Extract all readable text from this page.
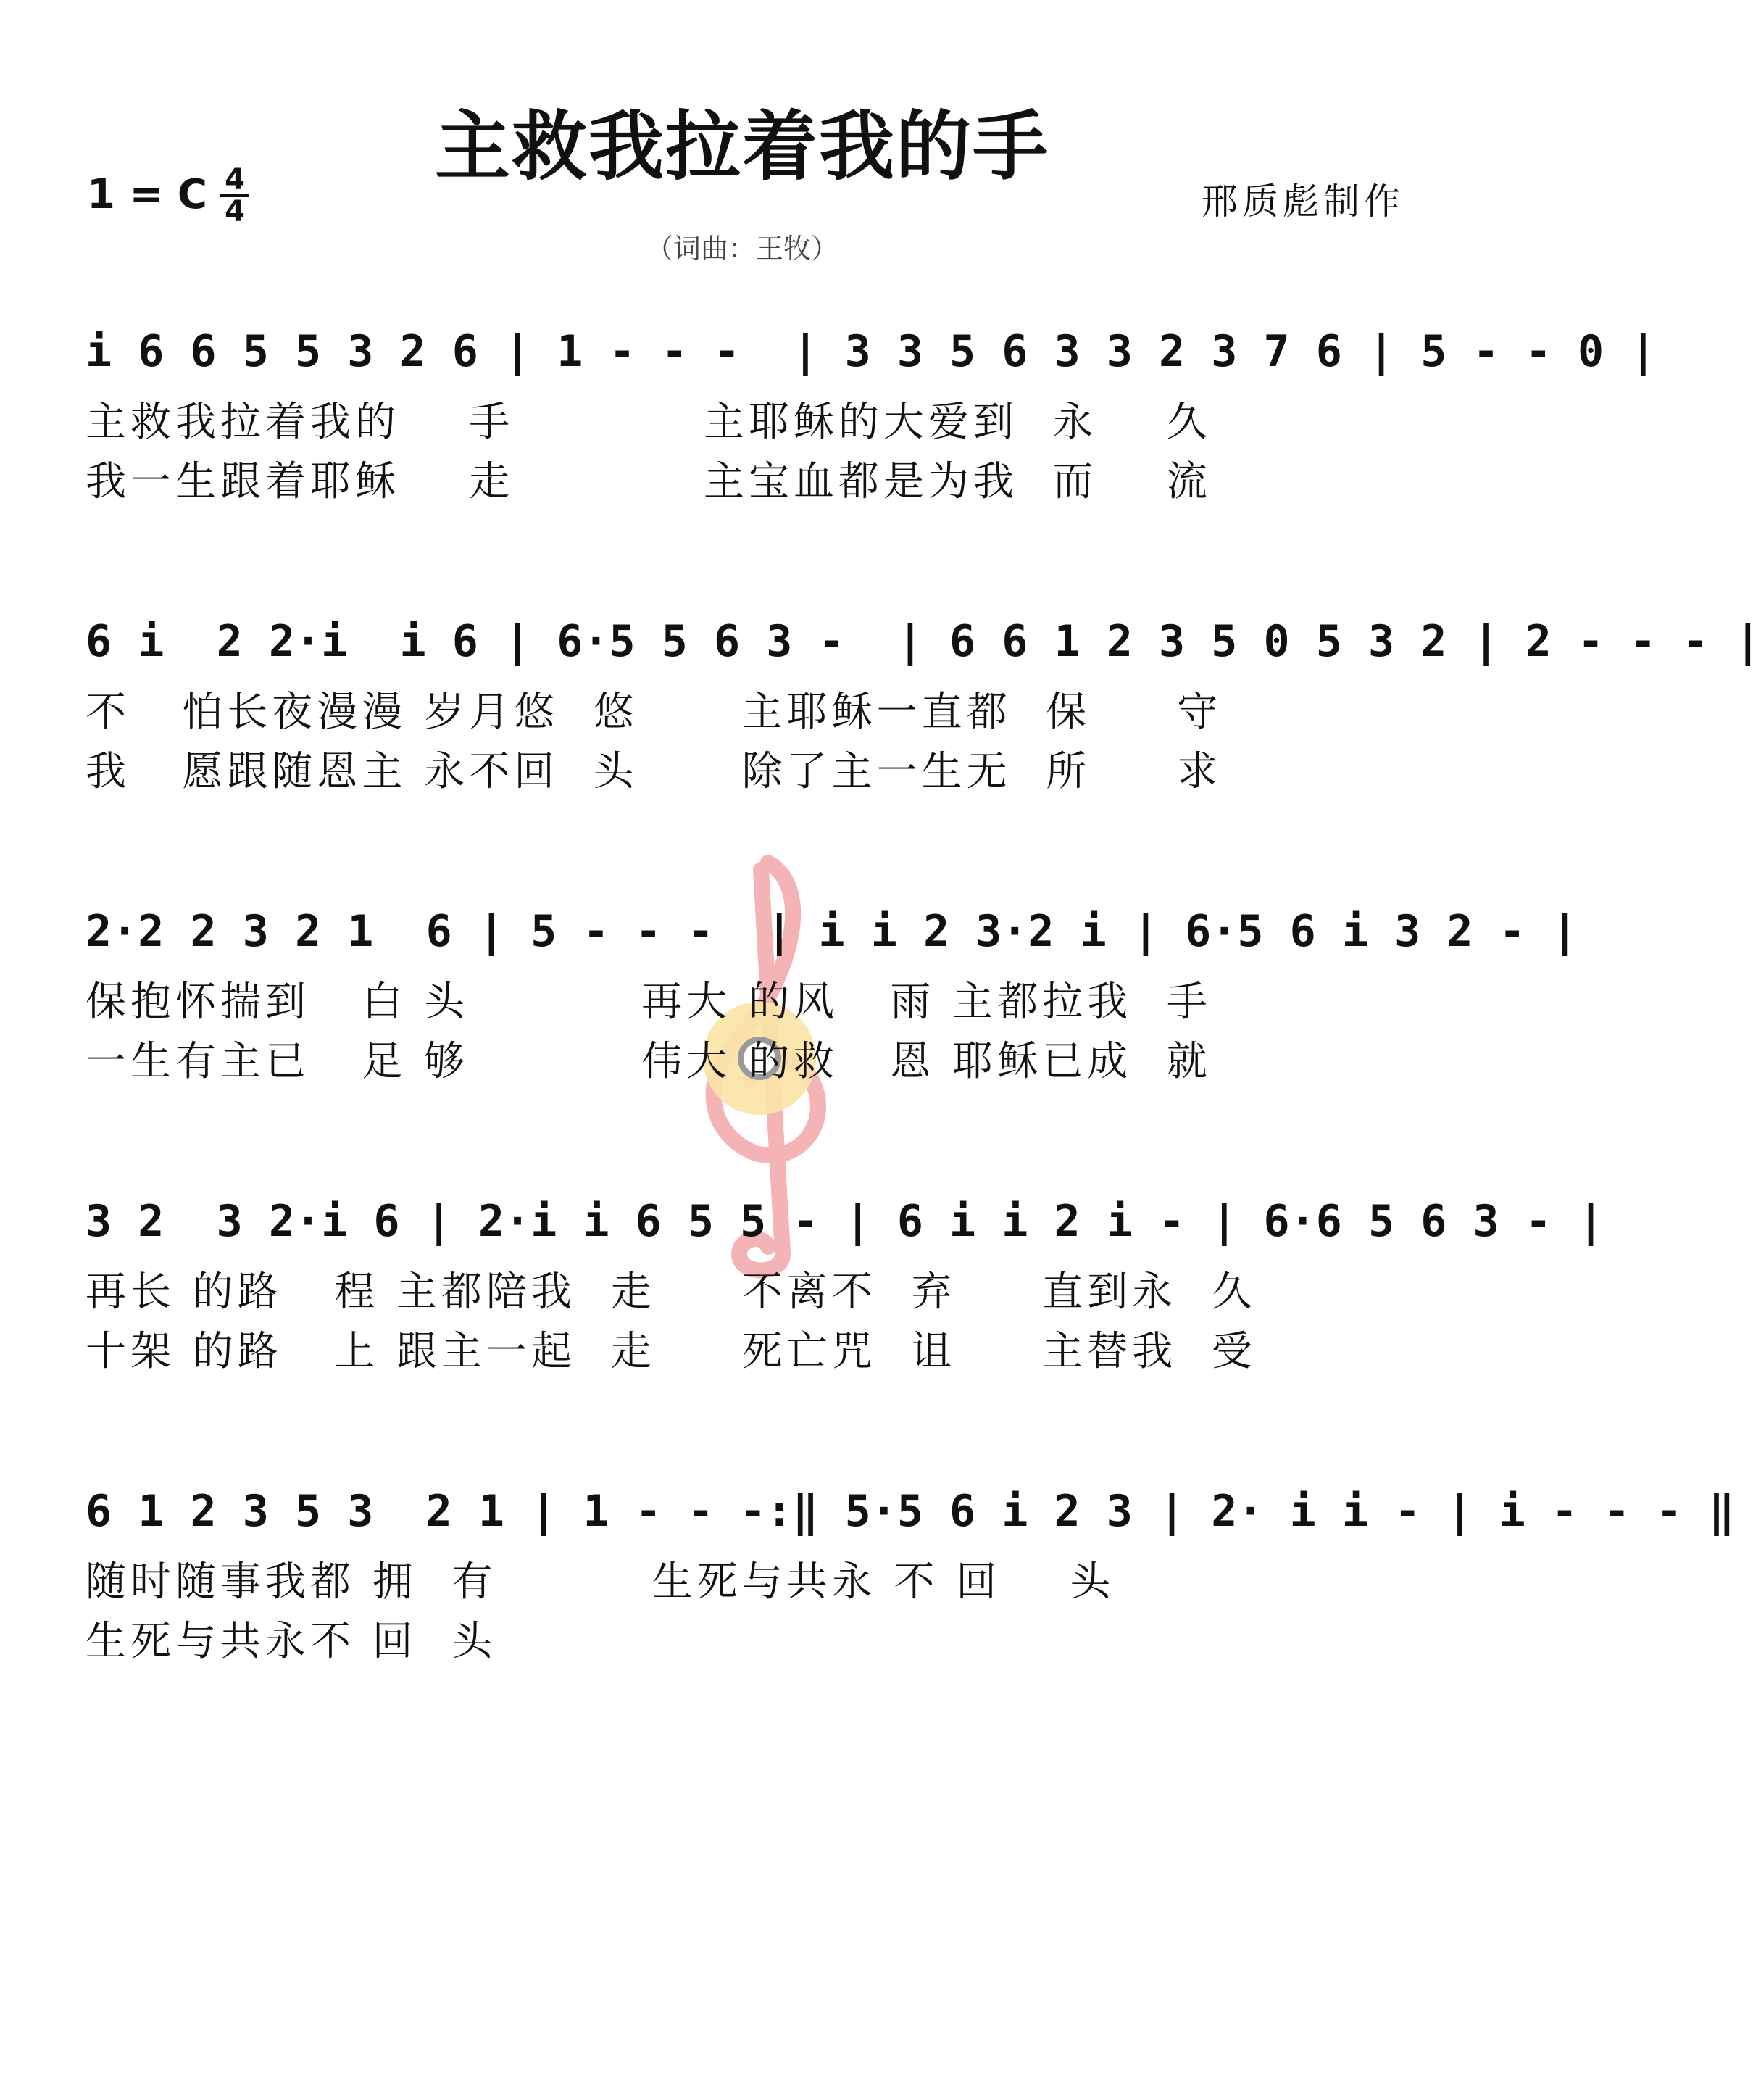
主救我拉着我的手
1 = C 4
4	邢质彪制作
（词曲：王牧）
i 6 6 5 5 3 2 6 | 1 - - -  | 3 3 5 6 3 3 2 3 7 6 | 5 - - 0 |
主救我拉着我的    手           主耶稣的大爱到  永    久
我一生跟着耶稣    走           主宝血都是为我  而    流
6 i  2 2·i  i 6 | 6·5 5 6 3 -  | 6 6 1 2 3 5 0 5 3 2 | 2 - - - |
不   怕长夜漫漫 岁月悠  悠      主耶稣一直都  保     守
我   愿跟随恩主 永不回  头      除了主一生无  所     求
2·2 2 3 2 1  6 | 5 - - -  | i i 2 3·2 i | 6·5 6 i 3 2 - |
保抱怀揣到   白 头          再大 的风   雨 主都拉我  手
一生有主已   足 够          伟大 的救   恩 耶稣已成  就
3 2  3 2·i 6 | 2·i i 6 5 5 - | 6 i i 2 i - | 6·6 5 6 3 - |
再长 的路   程 主都陪我  走     不离不  弃     直到永  久
十架 的路   上 跟主一起  走     死亡咒  诅     主替我  受
6 1 2 3 5 3  2 1 | 1 - - -:‖ 5·5 6 i 2 3 | 2· i i - | i - - - ‖
随时随事我都 拥  有         生死与共永 不 回    头
生死与共永不 回  头
